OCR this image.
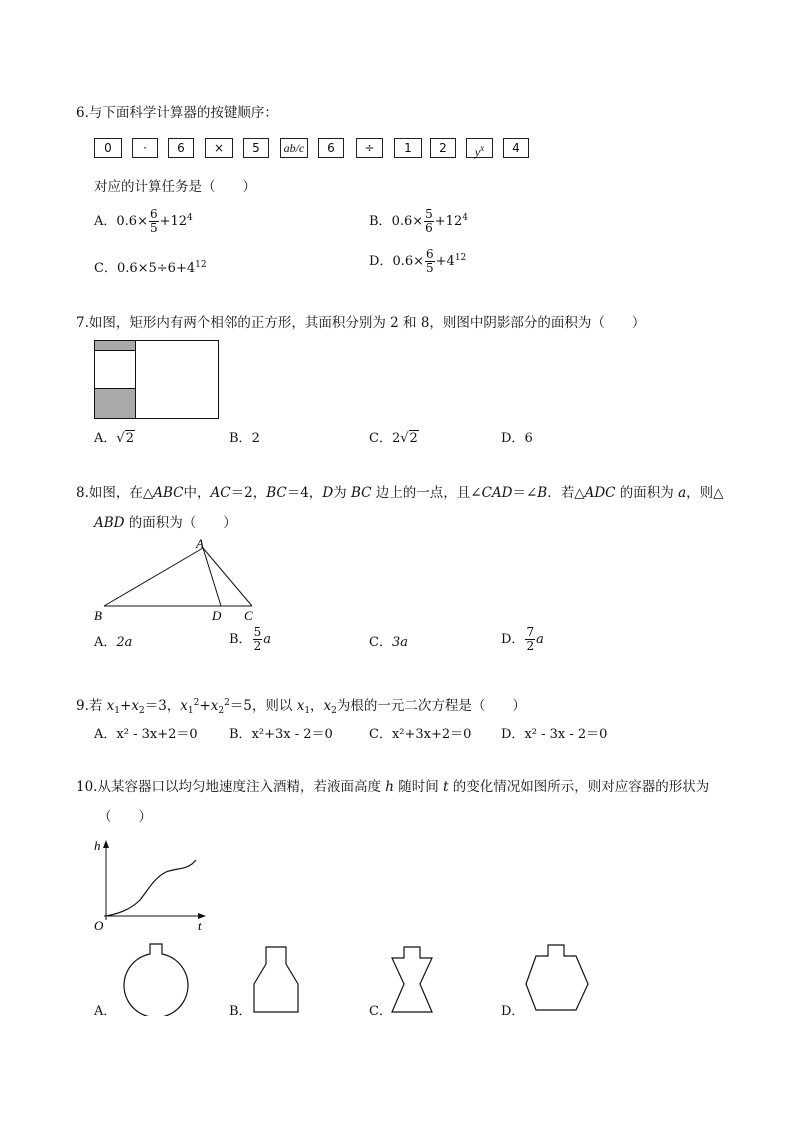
6.与下面科学计算器的按键顺序：
0	·	6	×	5	ab/c	6	÷	1	2	$y^x$	4
对应的计算任务是（　　）
A．$0.6\times \frac{6}{5} +12^4$	B．$0.6\times \frac{5}{6} +12^4$
C．$0.6\times 5\div 6+4^{12}$	D．$0.6\times \frac{6}{5} +4^{12}$
7.如图，矩形内有两个相邻的正方形，其面积分别为 2 和 8，则图中阴影部分的面积为（　　）
A．√2	B．2	C．2√2	D．6
8.如图，在△ABC中，AC＝2，BC＝4，D为 BC 边上的一点，且∠CAD＝∠B．若△ADC 的面积为 a，则△
ABD 的面积为（　　）
A
B	C
D
A．2a	B． $\frac{5}{2}$ a	C．3a	D． $\frac{7}{2}$ a
9.若 $x_1+x_2=3$，$x_1^2+x_2^2=5$，则以 $x_1$，$x_2$为根的一元二次方程是（　　）
A．x² - 3x+2＝0 B．x²+3x - 2＝0	C．x²+3x+2＝0 D．x² - 3x - 2＝0
10.从某容器口以均匀地速度注入酒精，若液面高度 h 随时间 t 的变化情况如图所示，则对应容器的形状为
（　　）
h
t
O
A．	B．	C．	D．
